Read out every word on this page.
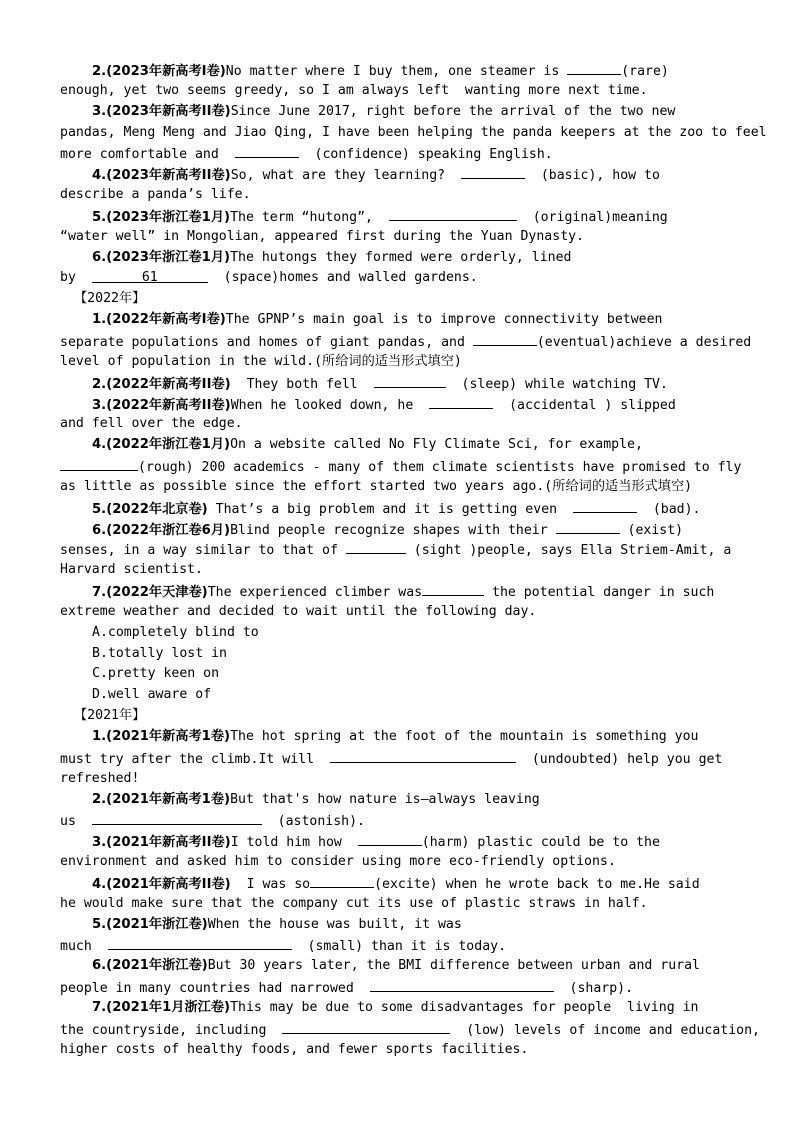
2.(2023年新高考I卷)No matter where I buy them, one steamer is	(rare)
enough, yet two seems greedy, so I am always left  wanting more next time.
3.(2023年新高考II卷)Since June 2017, right before the arrival of the two new
pandas, Meng Meng and Jiao Qing, I have been helping the panda keepers at the zoo to feel
more comfortable and	(confidence) speaking English.
4.(2023年新高考II卷)So, what are they learning?	(basic), how to
describe a panda’s life.
5.(2023年浙江卷1月)The term “hutong”,	(original)meaning
“water well” in Mongolian, appeared first during the Yuan Dynasty.
6.(2023年浙江卷1月)The hutongs they formed were orderly, lined
by	61	(space)homes and walled gardens.
【2022年】
1.(2022年新高考I卷)The GPNP’s main goal is to improve connectivity between
separate populations and homes of giant pandas, and	(eventual)achieve a desired
level of population in the wild.(所给词的适当形式填空)
2.(2022年新高考II卷)  They both fell	(sleep) while watching TV.
3.(2022年新高考II卷)When he looked down, he	(accidental ) slipped
and fell over the edge.
4.(2022年浙江卷1月)On a website called No Fly Climate Sci, for example,
(rough) 200 academics - many of them climate scientists have promised to fly
as little as possible since the effort started two years ago.(所给词的适当形式填空)
5.(2022年北京卷) That’s a big problem and it is getting even	(bad).
6.(2022年浙江卷6月)Blind people recognize shapes with their	(exist)
senses, in a way similar to that of	(sight )people, says Ella Striem-Amit, a
Harvard scientist.
7.(2022年天津卷)The experienced climber was	the potential danger in such
extreme weather and decided to wait until the following day.
A.completely blind to
B.totally lost in
C.pretty keen on
D.well aware of
【2021年】
1.(2021年新高考1卷)The hot spring at the foot of the mountain is something you
must try after the climb.It will	(undoubted) help you get
refreshed!
2.(2021年新高考1卷)But that's how nature is—always leaving
us	(astonish).
3.(2021年新高考II卷)I told him how	(harm) plastic could be to the
environment and asked him to consider using more eco-friendly options.
4.(2021年新高考II卷)  I was so	(excite) when he wrote back to me.He said
he would make sure that the company cut its use of plastic straws in half.
5.(2021年浙江卷)When the house was built, it was
much	(small) than it is today.
6.(2021年浙江卷)But 30 years later, the BMI difference between urban and rural
people in many countries had narrowed	(sharp).
7.(2021年1月浙江卷)This may be due to some disadvantages for people  living in
the countryside, including	(low) levels of income and education,
higher costs of healthy foods, and fewer sports facilities.
